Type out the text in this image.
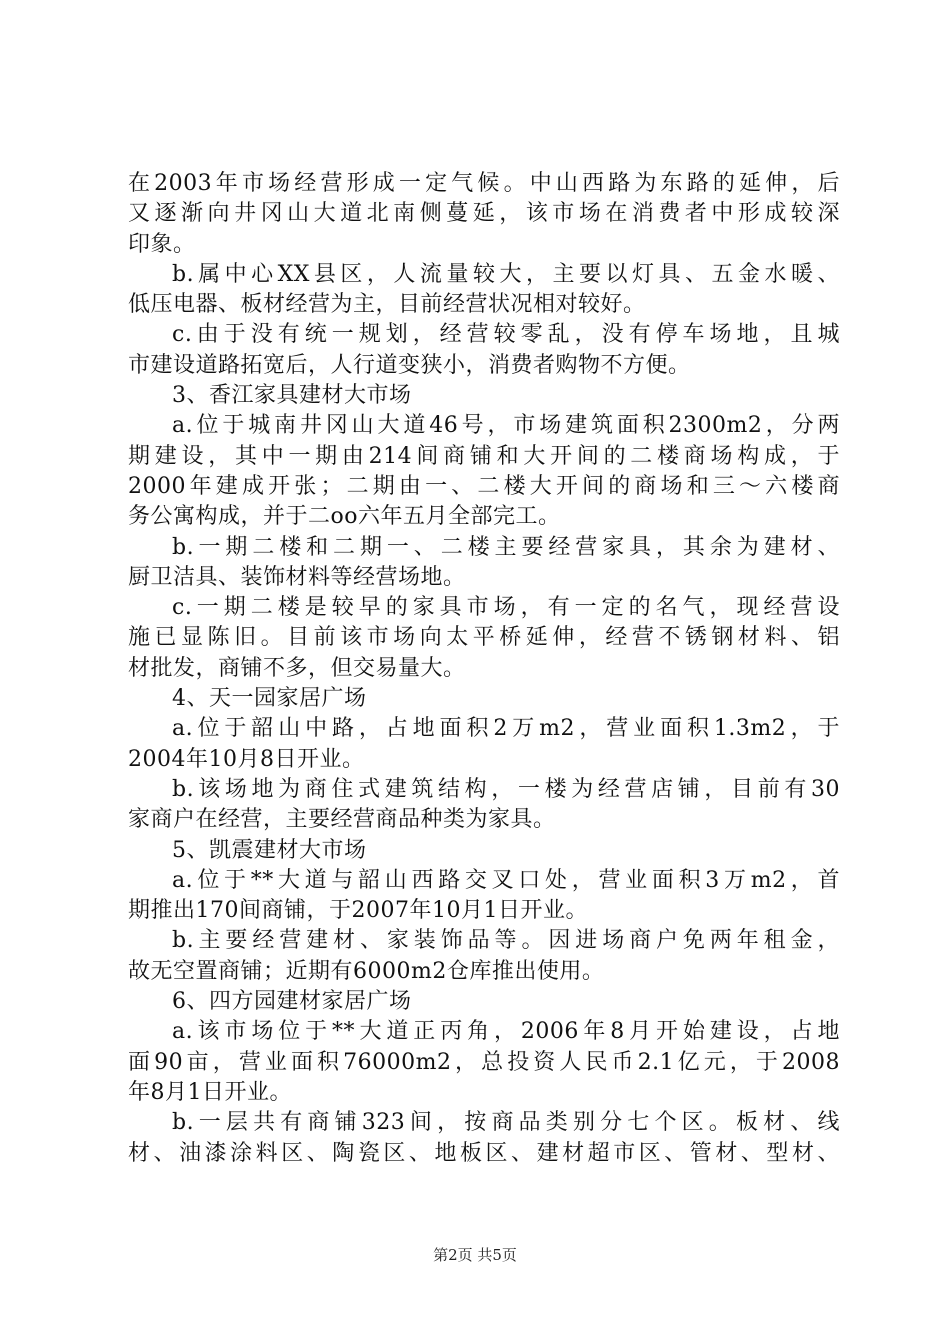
在2003年市场经营形成一定气候。中山西路为东路的延伸，后
又逐渐向井冈山大道北南侧蔓延，该市场在消费者中形成较深
印象。
b.属中心XX县区，人流量较大，主要以灯具、五金水暖、
低压电器、板材经营为主，目前经营状况相对较好。
c.由于没有统一规划，经营较零乱，没有停车场地，且城
市建设道路拓宽后，人行道变狭小，消费者购物不方便。
3、香江家具建材大市场
a.位于城南井冈山大道46号，市场建筑面积2300m2，分两
期建设，其中一期由214间商铺和大开间的二楼商场构成，于
2000年建成开张；二期由一、二楼大开间的商场和三～六楼商
务公寓构成，并于二oo六年五月全部完工。
b.一期二楼和二期一、二楼主要经营家具，其余为建材、
厨卫洁具、装饰材料等经营场地。
c.一期二楼是较早的家具市场，有一定的名气，现经营设
施已显陈旧。目前该市场向太平桥延伸，经营不锈钢材料、铝
材批发，商铺不多，但交易量大。
4、天一园家居广场
a.位于韶山中路，占地面积2万m2，营业面积1.3m2，于
2004年10月8日开业。
b.该场地为商住式建筑结构，一楼为经营店铺，目前有30
家商户在经营，主要经营商品种类为家具。
5、凯震建材大市场
a.位于**大道与韶山西路交叉口处，营业面积3万m2，首
期推出170间商铺，于2007年10月1日开业。
b.主要经营建材、家装饰品等。因进场商户免两年租金，
故无空置商铺；近期有6000m2仓库推出使用。
6、四方园建材家居广场
a.该市场位于**大道正丙角，2006年8月开始建设，占地
面90亩，营业面积76000m2，总投资人民币2.1亿元，于2008
年8月1日开业。
b.一层共有商铺323间，按商品类别分七个区。板材、线
材、油漆涂料区、陶瓷区、地板区、建材超市区、管材、型材、
第2页 共5页
